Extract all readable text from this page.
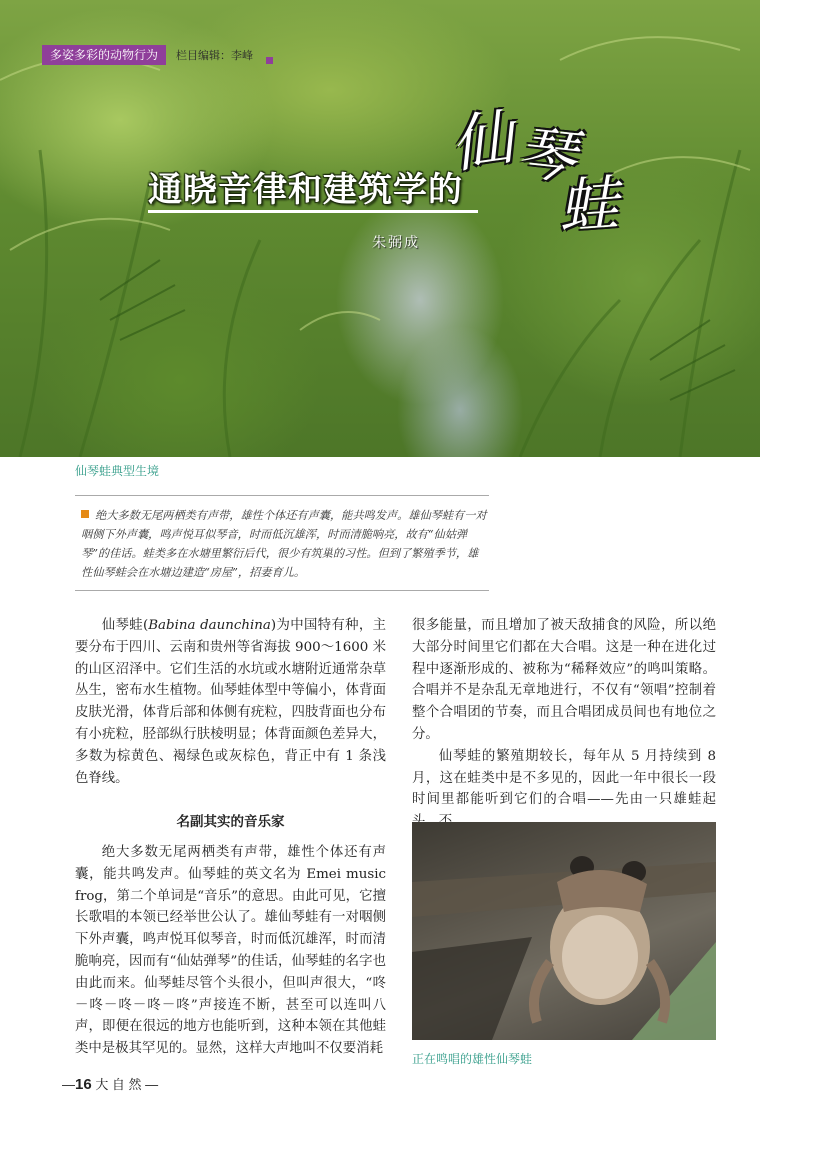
多姿多彩的动物行为	栏目编辑：李峰
通晓音律和建筑学的
仙
琴
蛙
朱弼成
仙琴蛙典型生境
绝大多数无尾两栖类有声带，雄性个体还有声囊，能共鸣发声。雄仙琴蛙有一对咽侧下外声囊，鸣声悦耳似琴音，时而低沉雄浑，时而清脆响亮，故有“仙姑弹琴”的佳话。蛙类多在水塘里繁衍后代，很少有筑巢的习性。但到了繁殖季节，雄性仙琴蛙会在水塘边建造“房屋”，招妻育儿。

仙琴蛙(Babina daunchina)为中国特有种，主要分布于四川、云南和贵州等省海拔 900～1600 米的山区沼泽中。它们生活的水坑或水塘附近通常杂草丛生，密布水生植物。仙琴蛙体型中等偏小，体背面皮肤光滑，体背后部和体侧有疣粒，四肢背面也分布有小疣粒，胫部纵行肤棱明显；体背面颜色差异大，多数为棕黄色、褐绿色或灰棕色，背正中有 1 条浅色脊线。

名副其实的音乐家

绝大多数无尾两栖类有声带，雄性个体还有声囊，能共鸣发声。仙琴蛙的英文名为 Emei music frog，第二个单词是“音乐”的意思。由此可见，它擅长歌唱的本领已经举世公认了。雄仙琴蛙有一对咽侧下外声囊，鸣声悦耳似琴音，时而低沉雄浑，时而清脆响亮，因而有“仙姑弹琴”的佳话，仙琴蛙的名字也由此而来。仙琴蛙尽管个头很小，但叫声很大，“咚－咚－咚－咚－咚”声接连不断，甚至可以连叫八声，即便在很远的地方也能听到，这种本领在其他蛙类中是极其罕见的。显然，这样大声地叫不仅要消耗

很多能量，而且增加了被天敌捕食的风险，所以绝大部分时间里它们都在大合唱。这是一种在进化过程中逐渐形成的、被称为“稀释效应”的鸣叫策略。合唱并不是杂乱无章地进行，不仅有“领唱”控制着整个合唱团的节奏，而且合唱团成员间也有地位之分。

仙琴蛙的繁殖期较长，每年从 5 月持续到 8 月，这在蛙类中是不多见的，因此一年中很长一段时间里都能听到它们的合唱——先由一只雄蛙起

正在鸣唱的雄性仙琴蛙
—16 大 自 然 —
